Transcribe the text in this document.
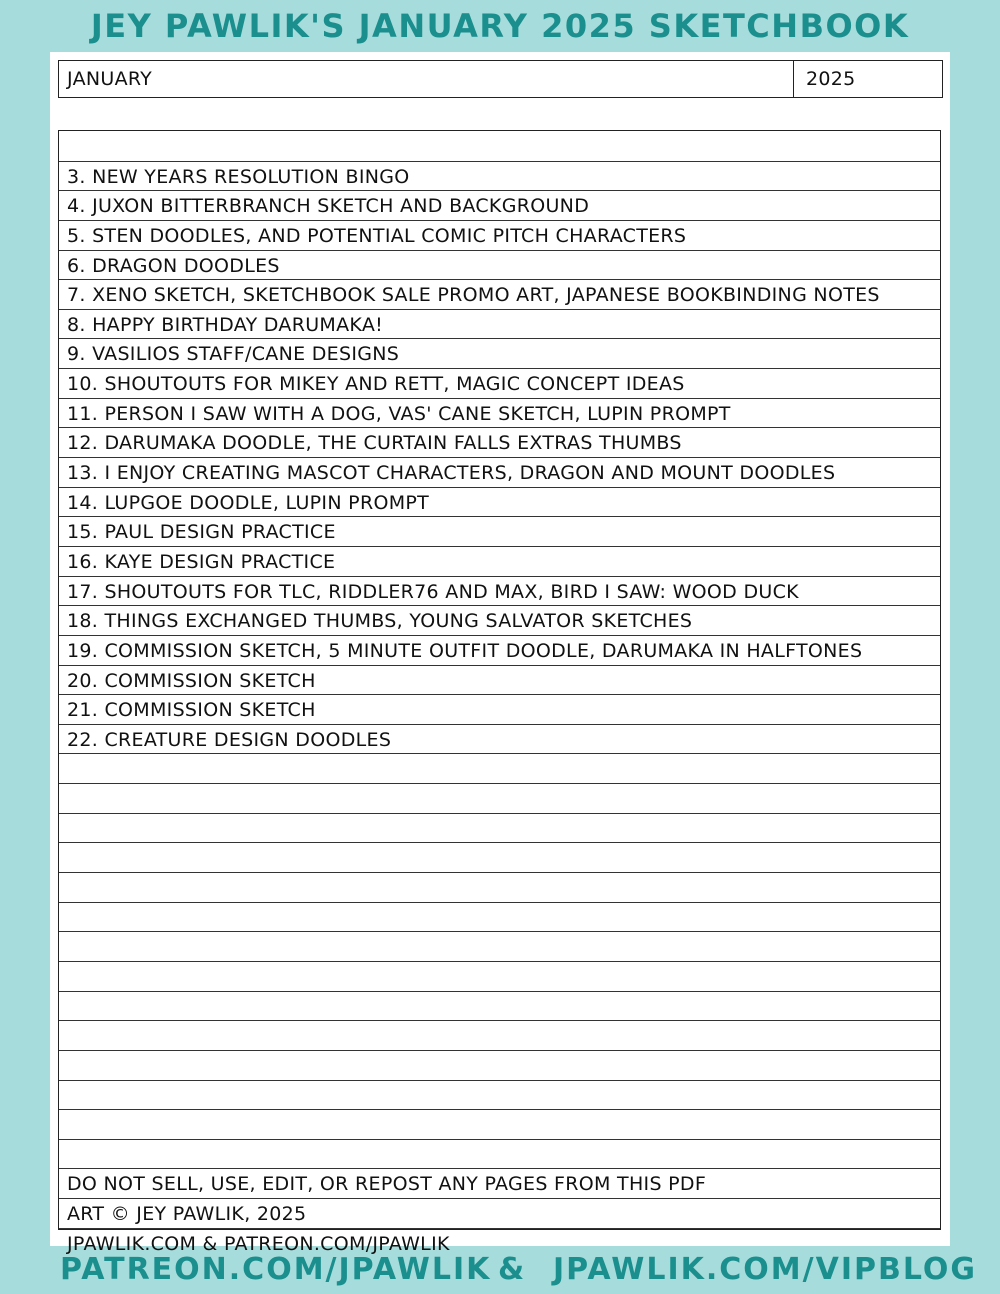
JEY PAWLIK'S JANUARY 2025 SKETCHBOOK
JANUARY	2025
3. NEW YEARS RESOLUTION BINGO
4. JUXON BITTERBRANCH SKETCH AND BACKGROUND
5. STEN DOODLES, AND POTENTIAL COMIC PITCH CHARACTERS
6. DRAGON DOODLES
7. XENO SKETCH, SKETCHBOOK SALE PROMO ART, JAPANESE BOOKBINDING NOTES
8. HAPPY BIRTHDAY DARUMAKA!
9. VASILIOS STAFF/CANE DESIGNS
10. SHOUTOUTS FOR MIKEY AND RETT, MAGIC CONCEPT IDEAS
11. PERSON I SAW WITH A DOG, VAS' CANE SKETCH, LUPIN PROMPT
12. DARUMAKA DOODLE, THE CURTAIN FALLS EXTRAS THUMBS
13. I ENJOY CREATING MASCOT CHARACTERS, DRAGON AND MOUNT DOODLES
14. LUPGOE DOODLE, LUPIN PROMPT
15. PAUL DESIGN PRACTICE
16. KAYE DESIGN PRACTICE
17. SHOUTOUTS FOR TLC, RIDDLER76 AND MAX, BIRD I SAW: WOOD DUCK
18. THINGS EXCHANGED THUMBS, YOUNG SALVATOR SKETCHES
19. COMMISSION SKETCH, 5 MINUTE OUTFIT DOODLE, DARUMAKA IN HALFTONES
20. COMMISSION SKETCH
21. COMMISSION SKETCH
22. CREATURE DESIGN DOODLES
DO NOT SELL, USE, EDIT, OR REPOST ANY PAGES FROM THIS PDF
ART © JEY PAWLIK, 2025
JPAWLIK.COM & PATREON.COM/JPAWLIK
PATREON.COM/JPAWLIK & JPAWLIK.COM/VIPBLOG
